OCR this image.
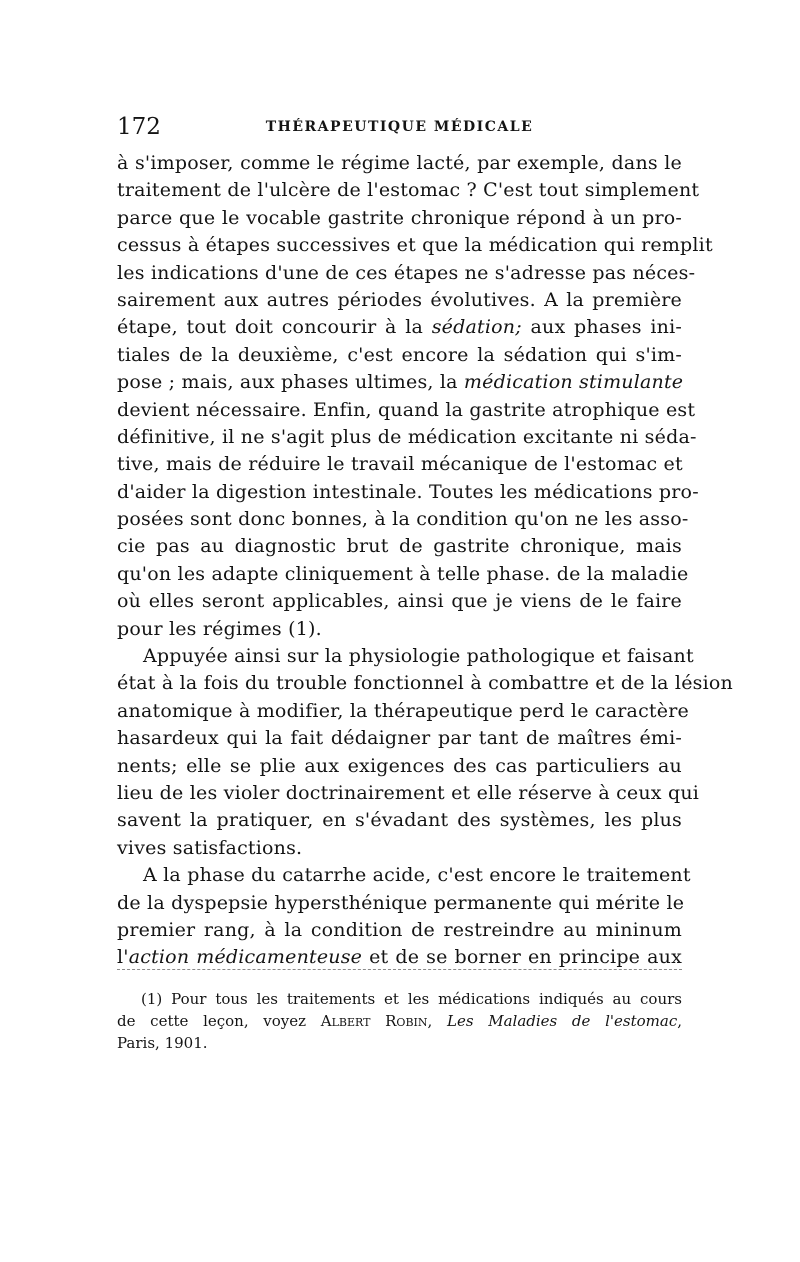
172	THÉRAPEUTIQUE MÉDICALE
à s'imposer, comme le régime lacté, par exemple, dans le
traitement de l'ulcère de l'estomac ? C'est tout simplement
parce que le vocable gastrite chronique répond à un pro-
cessus à étapes successives et que la médication qui remplit
les indications d'une de ces étapes ne s'adresse pas néces-
sairement aux autres périodes évolutives. A la première
étape, tout doit concourir à la sédation; aux phases ini-
tiales de la deuxième, c'est encore la sédation qui s'im-
pose ; mais, aux phases ultimes, la médication stimulante
devient nécessaire. Enfin, quand la gastrite atrophique est
définitive, il ne s'agit plus de médication excitante ni séda-
tive, mais de réduire le travail mécanique de l'estomac et
d'aider la digestion intestinale. Toutes les médications pro-
posées sont donc bonnes, à la condition qu'on ne les asso-
cie pas au diagnostic brut de gastrite chronique, mais
qu'on les adapte cliniquement à telle phase. de la maladie
où elles seront applicables, ainsi que je viens de le faire
pour les régimes (1).
Appuyée ainsi sur la physiologie pathologique et faisant
état à la fois du trouble fonctionnel à combattre et de la lésion
anatomique à modifier, la thérapeutique perd le caractère
hasardeux qui la fait dédaigner par tant de maîtres émi-
nents; elle se plie aux exigences des cas particuliers au
lieu de les violer doctrinairement et elle réserve à ceux qui
savent la pratiquer, en s'évadant des systèmes, les plus
vives satisfactions.
A la phase du catarrhe acide, c'est encore le traitement
de la dyspepsie hypersthénique permanente qui mérite le
premier rang, à la condition de restreindre au mininum
l'action médicamenteuse et de se borner en principe aux
(1) Pour tous les traitements et les médications indiqués au cours
de cette leçon, voyez Albert Robin, Les Maladies de l'estomac,
Paris, 1901.
